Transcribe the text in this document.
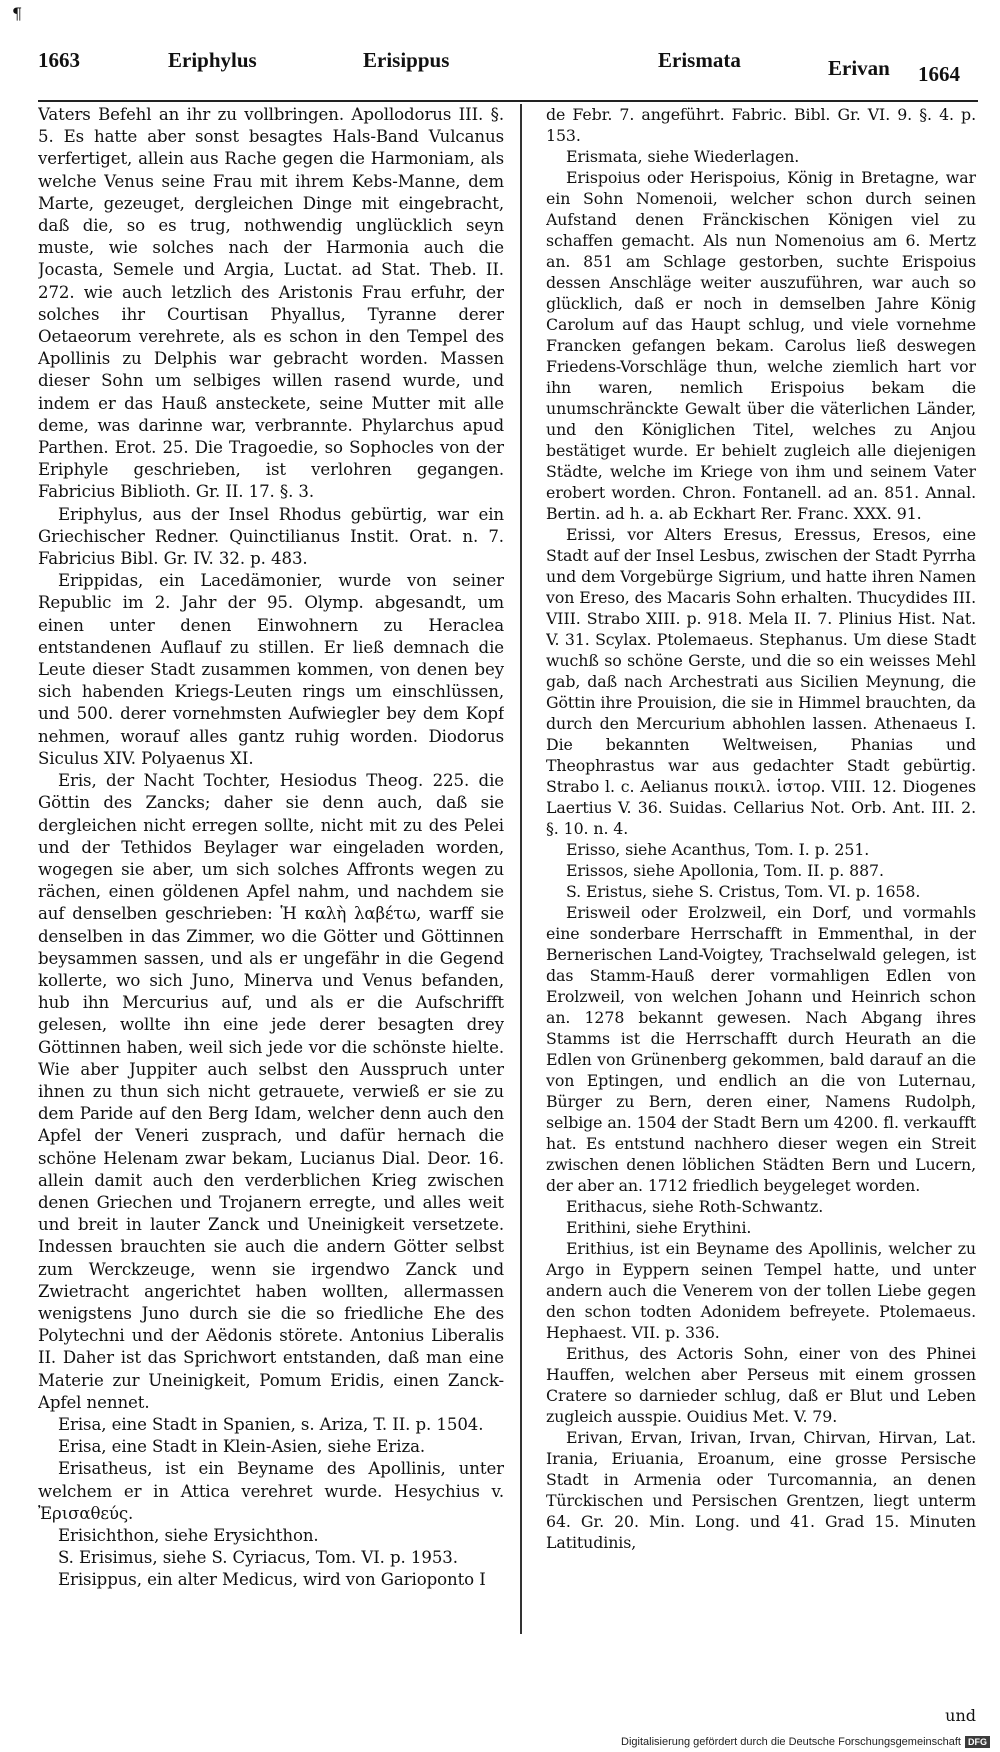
¶
1663	Eriphylus	Erisippus	Erismata	Erivan 1664

Vaters Befehl an ihr zu vollbringen. Apollodorus III. §. 5. Es hatte aber sonst besagtes Hals-Band Vulcanus verfertiget, allein aus Rache gegen die Harmoniam, als welche Venus seine Frau mit ihrem Kebs-Manne, dem Marte, gezeuget, dergleichen Dinge mit eingebracht, daß die, so es trug, nothwendig unglücklich seyn muste, wie solches nach der Harmonia auch die Jocasta, Semele und Argia, Luctat. ad Stat. Theb. II. 272. wie auch letzlich des Aristonis Frau erfuhr, der solches ihr Courtisan Phyallus, Tyranne derer Oetaeorum verehrete, als es schon in den Tempel des Apollinis zu Delphis war gebracht worden. Massen dieser Sohn um selbiges willen rasend wurde, und indem er das Hauß ansteckete, seine Mutter mit alle deme, was darinne war, verbrannte. Phylarchus apud Parthen. Erot. 25. Die Tragoedie, so Sophocles von der Eriphyle geschrieben, ist verlohren gegangen. Fabricius Biblioth. Gr. II. 17. §. 3.

Eriphylus, aus der Insel Rhodus gebürtig, war ein Griechischer Redner. Quinctilianus Instit. Orat. n. 7. Fabricius Bibl. Gr. IV. 32. p. 483.

Erippidas, ein Lacedämonier, wurde von seiner Republic im 2. Jahr der 95. Olymp. abgesandt, um einen unter denen Einwohnern zu Heraclea entstandenen Auflauf zu stillen. Er ließ demnach die Leute dieser Stadt zusammen kommen, von denen bey sich habenden Kriegs-Leuten rings um einschlüssen, und 500. derer vornehmsten Aufwiegler bey dem Kopf nehmen, worauf alles gantz ruhig worden. Diodorus Siculus XIV. Polyaenus XI.

Eris, der Nacht Tochter, Hesiodus Theog. 225. die Göttin des Zancks; daher sie denn auch, daß sie dergleichen nicht erregen sollte, nicht mit zu des Pelei und der Tethidos Beylager war eingeladen worden, wogegen sie aber, um sich solches Affronts wegen zu rächen, einen göldenen Apfel nahm, und nachdem sie auf denselben geschrieben: Ἡ καλὴ λαβέτω, warff sie denselben in das Zimmer, wo die Götter und Göttinnen beysammen sassen, und als er ungefähr in die Gegend kollerte, wo sich Juno, Minerva und Venus befanden, hub ihn Mercurius auf, und als er die Aufschrifft gelesen, wollte ihn eine jede derer besagten drey Göttinnen haben, weil sich jede vor die schönste hielte. Wie aber Juppiter auch selbst den Ausspruch unter ihnen zu thun sich nicht getrauete, verwieß er sie zu dem Paride auf den Berg Idam, welcher denn auch den Apfel der Veneri zusprach, und dafür hernach die schöne Helenam zwar bekam, Lucianus Dial. Deor. 16. allein damit auch den verderblichen Krieg zwischen denen Griechen und Trojanern erregte, und alles weit und breit in lauter Zanck und Uneinigkeit versetzete. Indessen brauchten sie auch die andern Götter selbst zum Werckzeuge, wenn sie irgendwo Zanck und Zwietracht angerichtet haben wollten, allermassen wenigstens Juno durch sie die so friedliche Ehe des Polytechni und der Aëdonis störete. Antonius Liberalis II. Daher ist das Sprichwort entstanden, daß man eine Materie zur Uneinigkeit, Pomum Eridis, einen Zanck-Apfel nennet.

Erisa, eine Stadt in Spanien, s. Ariza, T. II. p. 1504.

Erisa, eine Stadt in Klein-Asien, siehe Eriza.

Erisatheus, ist ein Beyname des Apollinis, unter welchem er in Attica verehret wurde. Hesychius v. Ἐρισαθεύς.

Erisichthon, siehe Erysichthon.

S. Erisimus, siehe S. Cyriacus, Tom. VI. p. 1953.

Erisippus, ein alter Medicus, wird von Garioponto I

de Febr. 7. angeführt. Fabric. Bibl. Gr. VI. 9. §. 4. p. 153.

Erismata, siehe Wiederlagen.

Erispoius oder Herispoius, König in Bretagne, war ein Sohn Nomenoii, welcher schon durch seinen Aufstand denen Fränckischen Königen viel zu schaffen gemacht. Als nun Nomenoius am 6. Mertz an. 851 am Schlage gestorben, suchte Erispoius dessen Anschläge weiter auszuführen, war auch so glücklich, daß er noch in demselben Jahre König Carolum auf das Haupt schlug, und viele vornehme Francken gefangen bekam. Carolus ließ deswegen Friedens-Vorschläge thun, welche ziemlich hart vor ihn waren, nemlich Erispoius bekam die unumschränckte Gewalt über die väterlichen Länder, und den Königlichen Titel, welches zu Anjou bestätiget wurde. Er behielt zugleich alle diejenigen Städte, welche im Kriege von ihm und seinem Vater erobert worden. Chron. Fontanell. ad an. 851. Annal. Bertin. ad h. a. ab Eckhart Rer. Franc. XXX. 91.

Erissi, vor Alters Eresus, Eressus, Eresos, eine Stadt auf der Insel Lesbus, zwischen der Stadt Pyrrha und dem Vorgebürge Sigrium, und hatte ihren Namen von Ereso, des Macaris Sohn erhalten. Thucydides III. VIII. Strabo XIII. p. 918. Mela II. 7. Plinius Hist. Nat. V. 31. Scylax. Ptolemaeus. Stephanus. Um diese Stadt wuchß so schöne Gerste, und die so ein weisses Mehl gab, daß nach Archestrati aus Sicilien Meynung, die Göttin ihre Prouision, die sie in Himmel brauchten, da durch den Mercurium abhohlen lassen. Athenaeus I. Die bekannten Weltweisen, Phanias und Theophrastus war aus gedachter Stadt gebürtig. Strabo l. c. Aelianus ποικιλ. ἱστορ. VIII. 12. Diogenes Laertius V. 36. Suidas. Cellarius Not. Orb. Ant. III. 2. §. 10. n. 4.

Erisso, siehe Acanthus, Tom. I. p. 251.

Erissos, siehe Apollonia, Tom. II. p. 887.

S. Eristus, siehe S. Cristus, Tom. VI. p. 1658.

Erisweil oder Erolzweil, ein Dorf, und vormahls eine sonderbare Herrschafft in Emmenthal, in der Bernerischen Land-Voigtey, Trachselwald gelegen, ist das Stamm-Hauß derer vormahligen Edlen von Erolzweil, von welchen Johann und Heinrich schon an. 1278 bekannt gewesen. Nach Abgang ihres Stamms ist die Herrschafft durch Heurath an die Edlen von Grünenberg gekommen, bald darauf an die von Eptingen, und endlich an die von Luternau, Bürger zu Bern, deren einer, Namens Rudolph, selbige an. 1504 der Stadt Bern um 4200. fl. verkaufft hat. Es entstund nachhero dieser wegen ein Streit zwischen denen löblichen Städten Bern und Lucern, der aber an. 1712 friedlich beygeleget worden.

Erithacus, siehe Roth-Schwantz.

Erithini, siehe Erythini.

Erithius, ist ein Beyname des Apollinis, welcher zu Argo in Eyppern seinen Tempel hatte, und unter andern auch die Venerem von der tollen Liebe gegen den schon todten Adonidem befreyete. Ptolemaeus. Hephaest. VII. p. 336.

Erithus, des Actoris Sohn, einer von des Phinei Hauffen, welchen aber Perseus mit einem grossen Cratere so darnieder schlug, daß er Blut und Leben zugleich ausspie. Ouidius Met. V. 79.

Erivan, Ervan, Irivan, Irvan, Chirvan, Hirvan, Lat. Irania, Eriuania, Eroanum, eine grosse Persische Stadt in Armenia oder Turcomannia, an denen Türckischen und Persischen Grentzen, liegt unterm 64. Gr. 20. Min. Long. und 41. Grad 15. Minuten Latitudinis,

und
Digitalisierung gefördert durch die Deutsche Forschungsgemeinschaft DFG
